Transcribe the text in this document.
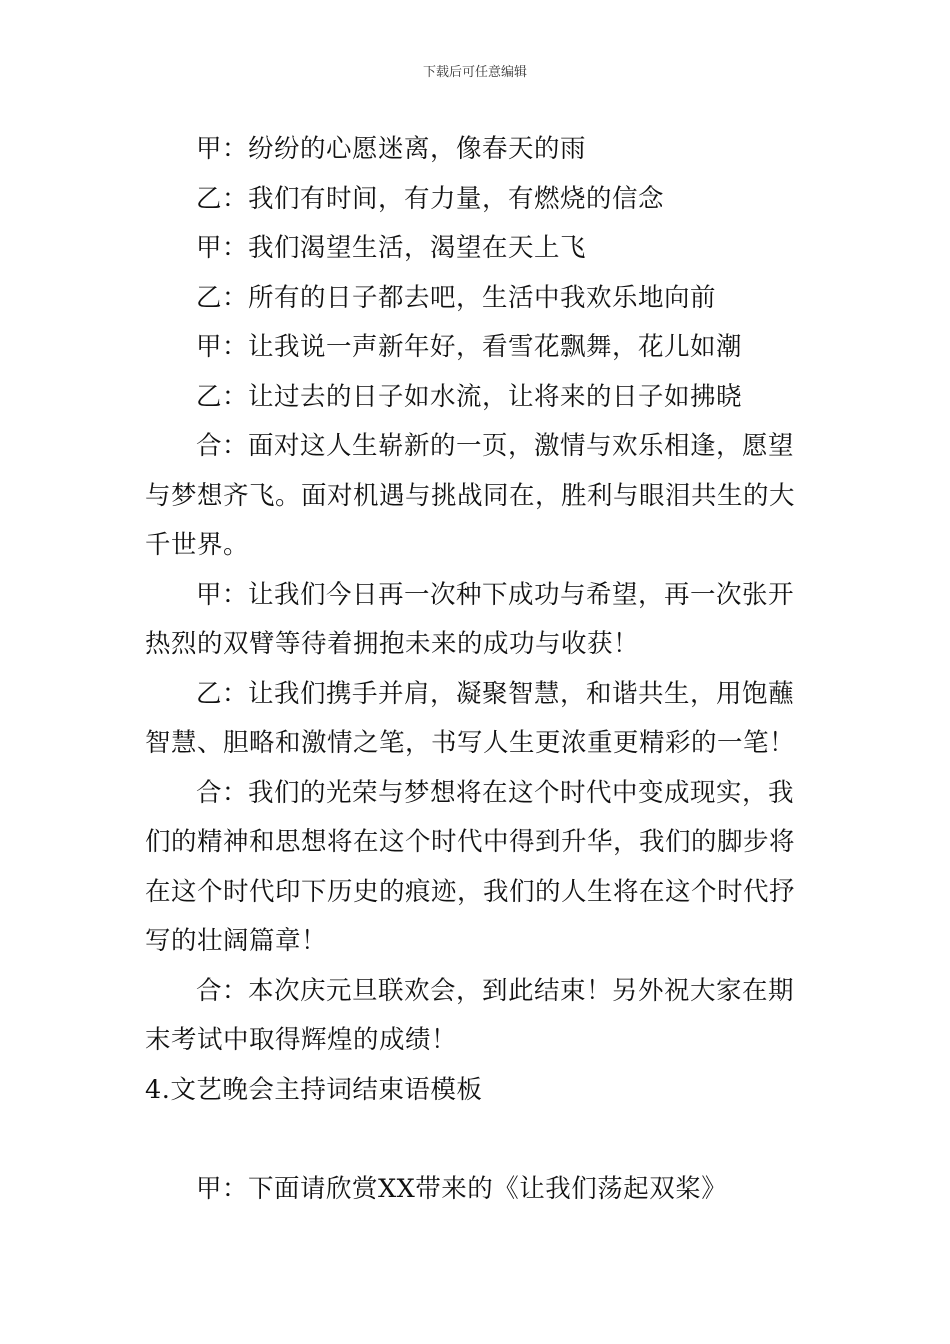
下载后可任意编辑

甲：纷纷的心愿迷离，像春天的雨

乙：我们有时间，有力量，有燃烧的信念

甲：我们渴望生活，渴望在天上飞

乙：所有的日子都去吧，生活中我欢乐地向前

甲：让我说一声新年好，看雪花飘舞，花儿如潮

乙：让过去的日子如水流，让将来的日子如拂晓

合：面对这人生崭新的一页，激情与欢乐相逢，愿望与梦想齐飞。面对机遇与挑战同在，胜利与眼泪共生的大千世界。

甲：让我们今日再一次种下成功与希望，再一次张开热烈的双臂等待着拥抱未来的成功与收获！

乙：让我们携手并肩，凝聚智慧，和谐共生，用饱蘸智慧、胆略和激情之笔，书写人生更浓重更精彩的一笔！

合：我们的光荣与梦想将在这个时代中变成现实，我们的精神和思想将在这个时代中得到升华，我们的脚步将在这个时代印下历史的痕迹，我们的人生将在这个时代抒写的壮阔篇章！

合：本次庆元旦联欢会，到此结束！另外祝大家在期末考试中取得辉煌的成绩！

4.文艺晚会主持词结束语模板

甲：下面请欣赏XX带来的《让我们荡起双桨》
